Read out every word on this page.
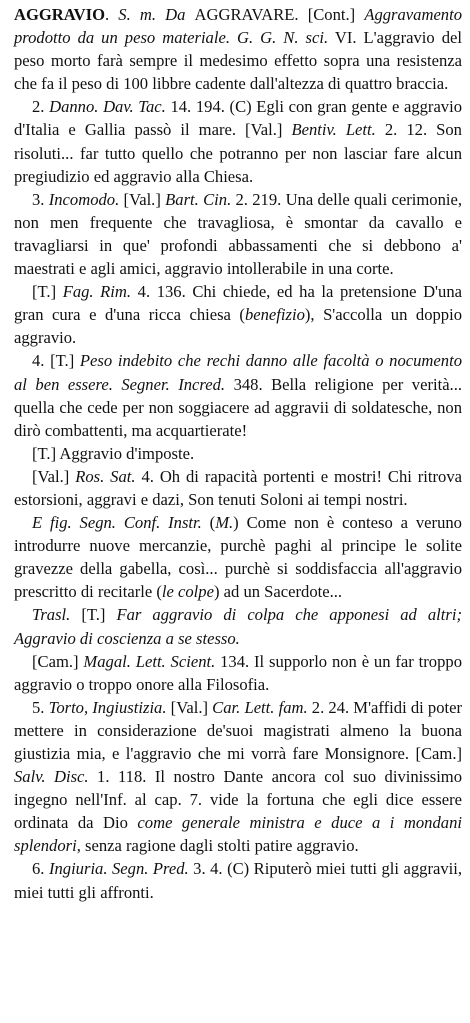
AGGRAVIO. S. m. Da AGGRAVARE. [Cont.] Aggravamento prodotto da un peso materiale. G. G. N. sci. VI. L'aggravio del peso morto farà sempre il medesimo effetto sopra una resistenza che fa il peso di 100 libbre cadente dall'altezza di quattro braccia.

2. Danno. Dav. Tac. 14. 194. (C) Egli con gran gente e aggravio d'Italia e Gallia passò il mare. [Val.] Bentiv. Lett. 2. 12. Son risoluti... far tutto quello che potranno per non lasciar fare alcun pregiudizio ed aggravio alla Chiesa.

3. Incomodo. [Val.] Bart. Cin. 2. 219. Una delle quali cerimonie, non men frequente che travagliosa, è smontar da cavallo e travagliarsi in que' profondi abbassamenti che si debbono a' maestrati e agli amici, aggravio intollerabile in una corte.

[T.] Fag. Rim. 4. 136. Chi chiede, ed ha la pretensione D'una gran cura e d'una ricca chiesa (benefizio), S'accolla un doppio aggravio.

4. [T.] Peso indebito che rechi danno alle facoltà o nocumento al ben essere. Segner. Incred. 348. Bella religione per verità... quella che cede per non soggiacere ad aggravii di soldatesche, non dirò combattenti, ma acquartierate!

[T.] Aggravio d'imposte.

[Val.] Ros. Sat. 4. Oh di rapacità portenti e mostri! Chi ritrova estorsioni, aggravi e dazi, Son tenuti Soloni ai tempi nostri.

E fig. Segn. Conf. Instr. (M.) Come non è conteso a veruno introdurre nuove mercanzie, purchè paghi al principe le solite gravezze della gabella, così... purchè si soddisfaccia all'aggravio prescritto di recitarle (le colpe) ad un Sacerdote...

Trasl. [T.] Far aggravio di colpa che apponesi ad altri; Aggravio di coscienza a se stesso.

[Cam.] Magal. Lett. Scient. 134. Il supporlo non è un far troppo aggravio o troppo onore alla Filosofia.

5. Torto, Ingiustizia. [Val.] Car. Lett. fam. 2. 24. M'affidi di poter mettere in considerazione de'suoi magistrati almeno la buona giustizia mia, e l'aggravio che mi vorrà fare Monsignore. [Cam.] Salv. Disc. 1. 118. Il nostro Dante ancora col suo divinissimo ingegno nell'Inf. al cap. 7. vide la fortuna che egli dice essere ordinata da Dio come generale ministra e duce a i mondani splendori, senza ragione dagli stolti patire aggravio.

6. Ingiuria. Segn. Pred. 3. 4. (C) Riputerò miei tutti gli aggravii, miei tutti gli affronti.
